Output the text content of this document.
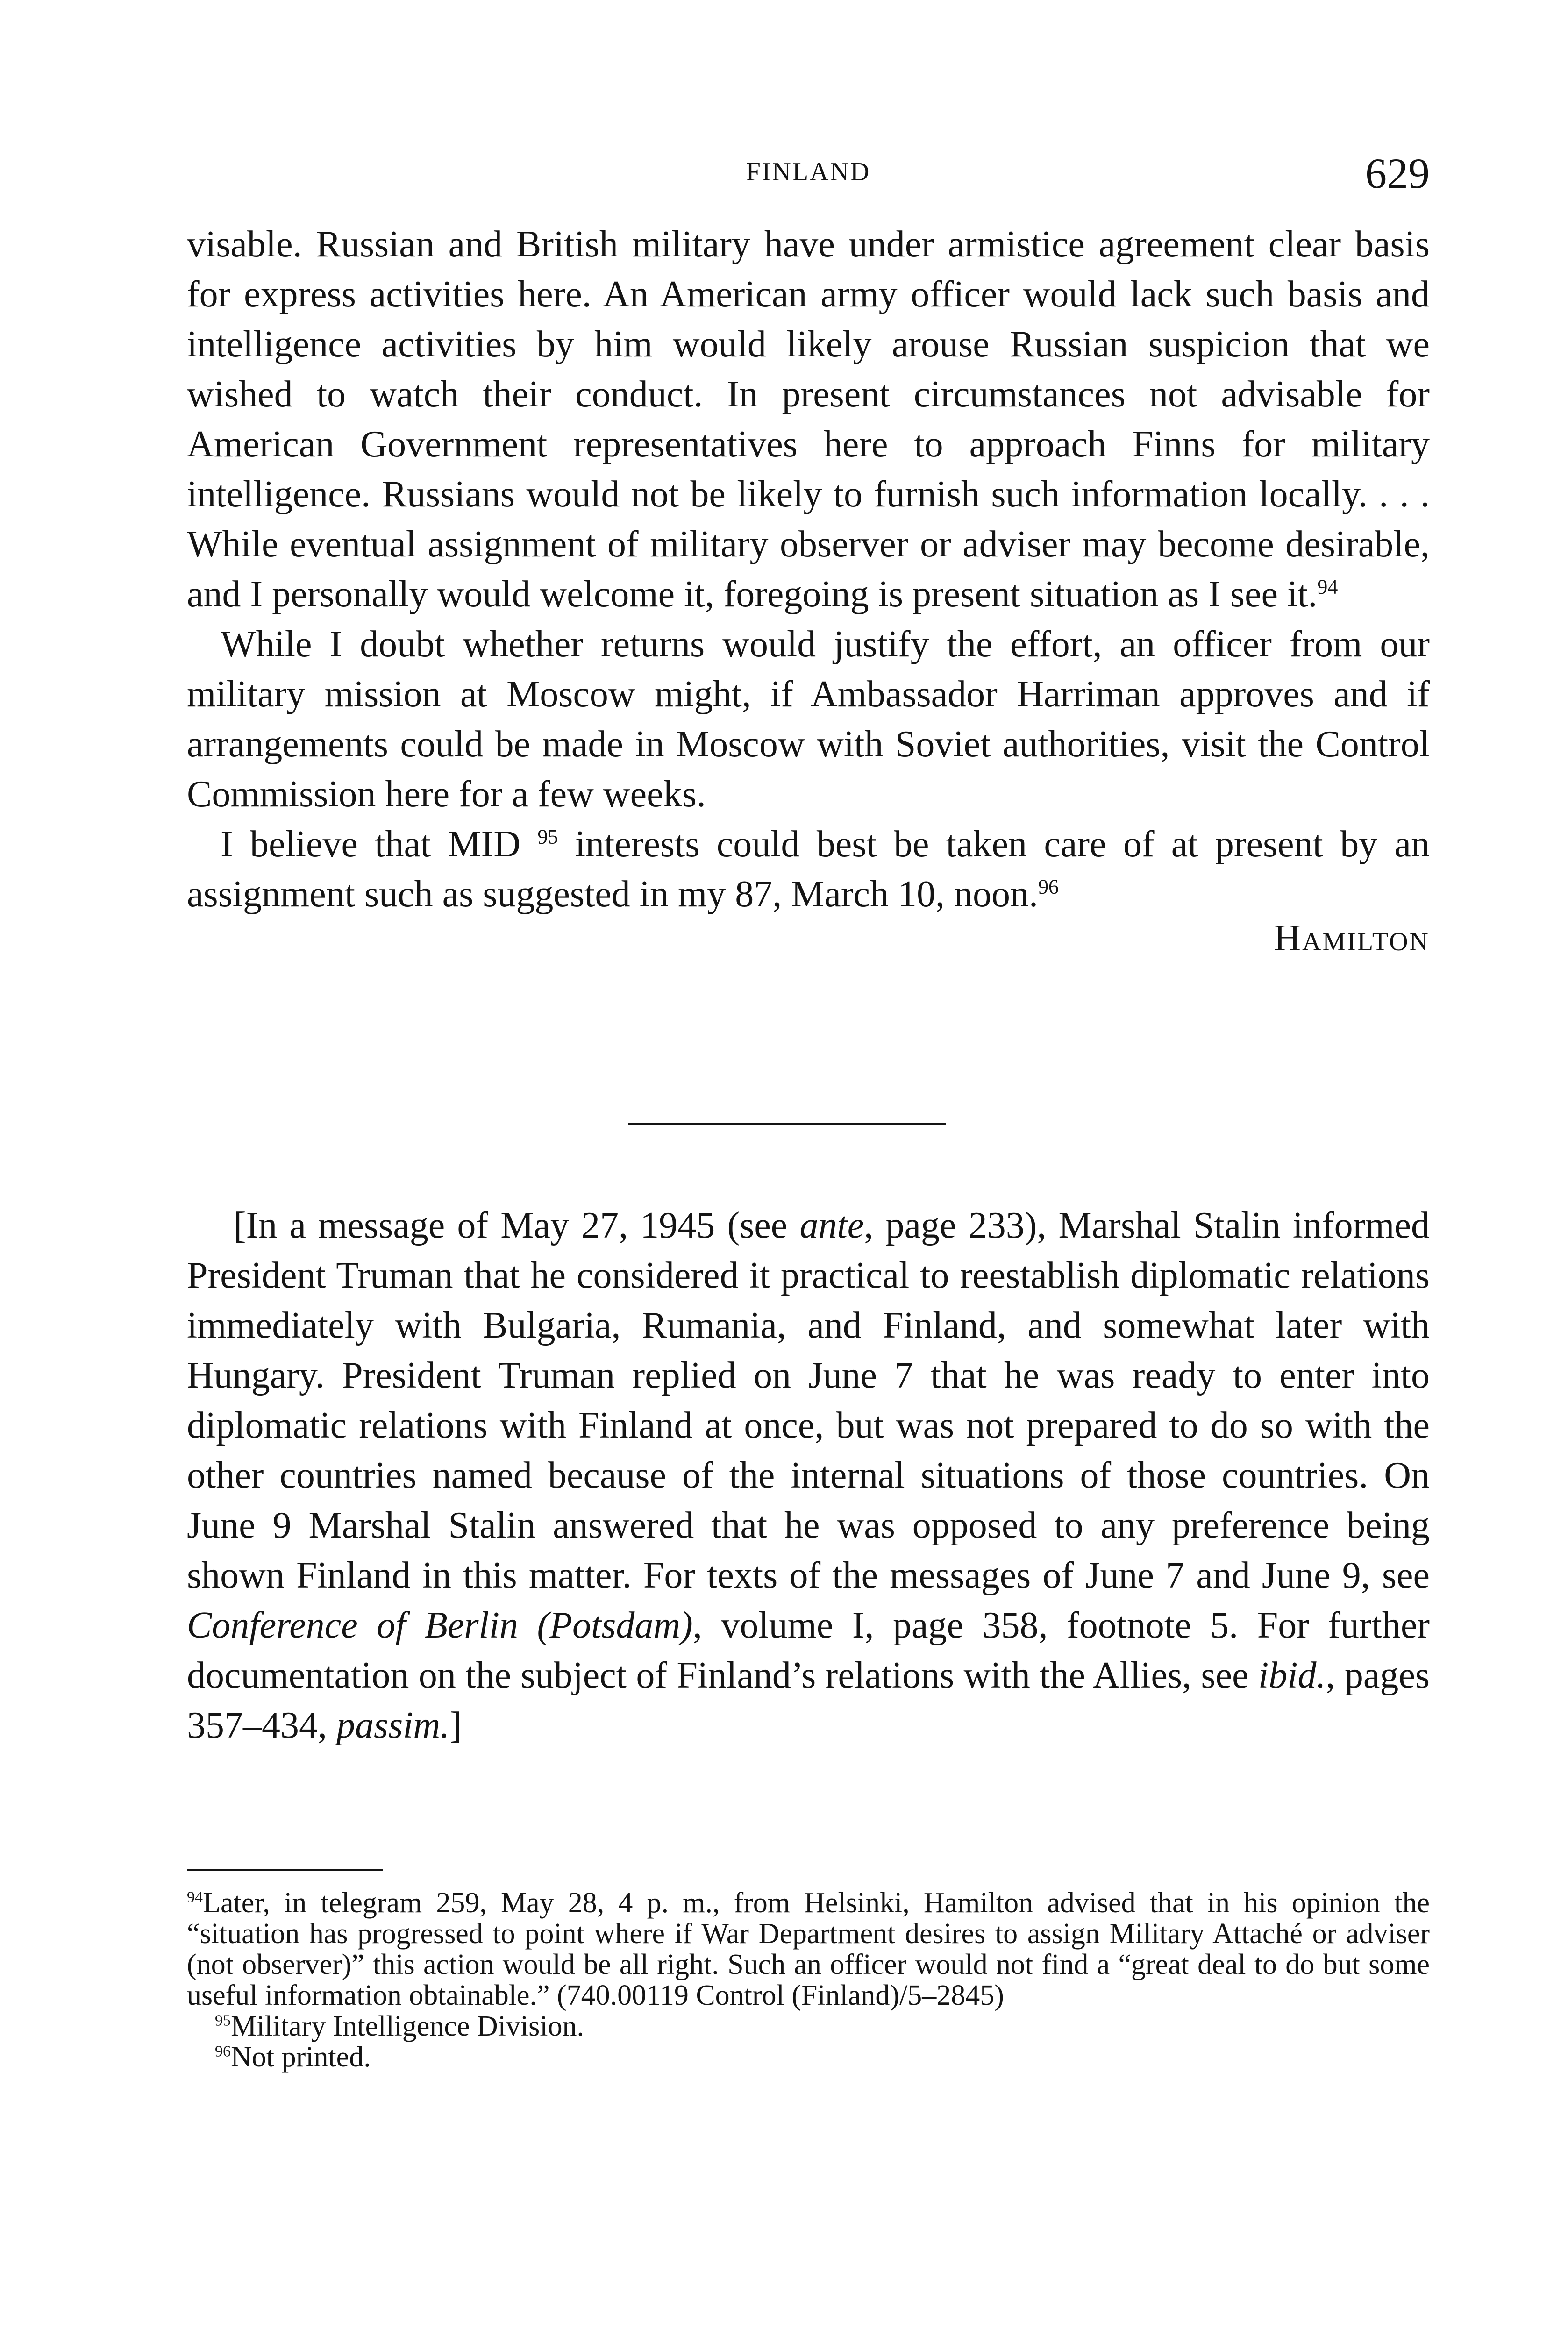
FINLAND	629

visable. Russian and British military have under armistice agreement clear basis for express activities here. An American army officer would lack such basis and intelligence activities by him would likely arouse Russian suspicion that we wished to watch their conduct. In present circumstances not advisable for American Government representatives here to approach Finns for military intelligence. Russians would not be likely to furnish such information locally. . . . While eventual assignment of military observer or adviser may become desirable, and I personally would welcome it, foregoing is present situation as I see it.$^{94}$

While I doubt whether returns would justify the effort, an officer from our military mission at Moscow might, if Ambassador Harriman approves and if arrangements could be made in Moscow with Soviet authorities, visit the Control Commission here for a few weeks.

I believe that MID $^{95}$ interests could best be taken care of at present by an assignment such as suggested in my 87, March 10, noon.$^{96}$

Hamilton

[In a message of May 27, 1945 (see ante, page 233), Marshal Stalin informed President Truman that he considered it practical to reestablish diplomatic relations immediately with Bulgaria, Rumania, and Finland, and somewhat later with Hungary. President Truman replied on June 7 that he was ready to enter into diplomatic relations with Finland at once, but was not prepared to do so with the other countries named because of the internal situations of those countries. On June 9 Marshal Stalin answered that he was opposed to any preference being shown Finland in this matter. For texts of the messages of June 7 and June 9, see Conference of Berlin (Potsdam), volume I, page 358, footnote 5. For further documentation on the subject of Finland’s relations with the Allies, see ibid., pages 357–434, passim.]

$^{94}$Later, in telegram 259, May 28, 4 p. m., from Helsinki, Hamilton advised that in his opinion the “situation has progressed to point where if War Department desires to assign Military Attaché or adviser (not observer)” this action would be all right. Such an officer would not find a “great deal to do but some useful information obtainable.” (740.00119 Control (Finland)/5–2845)

$^{95}$Military Intelligence Division.

$^{96}$Not printed.
